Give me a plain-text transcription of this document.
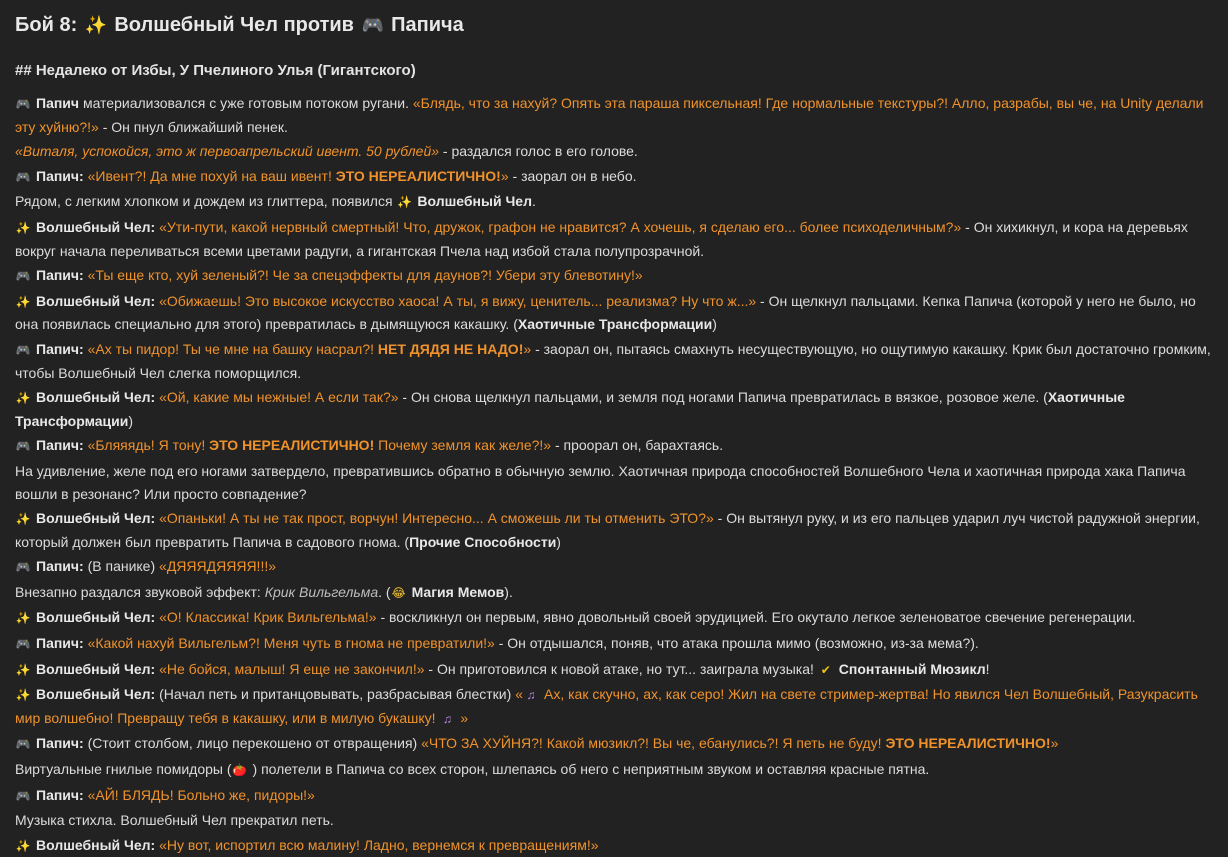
Бой 8: ✨ Волшебный Чел против 🎮 Папича
## Недалеко от Избы, У Пчелиного Улья (Гигантского)

🎮 Папич материализовался с уже готовым потоком ругани. «Блядь, что за нахуй? Опять эта параша пиксельная! Где нормальные текстуры?! Алло, разрабы, вы че, на Unity делали эту хуйню?!» - Он пнул ближайший пенек.

«Виталя, успокойся, это ж первоапрельский ивент. 50 рублей» - раздался голос в его голове.

🎮 Папич: «Ивент?! Да мне похуй на ваш ивент! ЭТО НЕРЕАЛИСТИЧНО!» - заорал он в небо.

Рядом, с легким хлопком и дождем из глиттера, появился ✨ Волшебный Чел.

✨ Волшебный Чел: «Ути-пути, какой нервный смертный! Что, дружок, графон не нравится? А хочешь, я сделаю его... более психоделичным?» - Он хихикнул, и кора на деревьях вокруг начала переливаться всеми цветами радуги, а гигантская Пчела над избой стала полупрозрачной.

🎮 Папич: «Ты еще кто, хуй зеленый?! Че за спецэффекты для даунов?! Убери эту блевотину!»

✨ Волшебный Чел: «Обижаешь! Это высокое искусство хаоса! А ты, я вижу, ценитель... реализма? Ну что ж...» - Он щелкнул пальцами. Кепка Папича (которой у него не было, но она появилась специально для этого) превратилась в дымящуюся какашку. (Хаотичные Трансформации)

🎮 Папич: «Ах ты пидор! Ты че мне на башку насрал?! НЕТ ДЯДЯ НЕ НАДО!» - заорал он, пытаясь смахнуть несуществующую, но ощутимую какашку. Крик был достаточно громким, чтобы Волшебный Чел слегка поморщился.

✨ Волшебный Чел: «Ой, какие мы нежные! А если так?» - Он снова щелкнул пальцами, и земля под ногами Папича превратилась в вязкое, розовое желе. (Хаотичные Трансформации)

🎮 Папич: «Бляяядь! Я тону! ЭТО НЕРЕАЛИСТИЧНО! Почему земля как желе?!» - проорал он, барахтаясь.

На удивление, желе под его ногами затвердело, превратившись обратно в обычную землю. Хаотичная природа способностей Волшебного Чела и хаотичная природа хака Папича вошли в резонанс? Или просто совпадение?

✨ Волшебный Чел: «Опаньки! А ты не так прост, ворчун! Интересно... А сможешь ли ты отменить ЭТО?» - Он вытянул руку, и из его пальцев ударил луч чистой радужной энергии, который должен был превратить Папича в садового гнома. (Прочие Способности)

🎮 Папич: (В панике) «ДЯЯЯДЯЯЯЯ!!!»

Внезапно раздался звуковой эффект: Крик Вильгельма. (😂 Магия Мемов).

✨ Волшебный Чел: «О! Классика! Крик Вильгельма!» - воскликнул он первым, явно довольный своей эрудицией. Его окутало легкое зеленоватое свечение регенерации.

🎮 Папич: «Какой нахуй Вильгельм?! Меня чуть в гнома не превратили!» - Он отдышался, поняв, что атака прошла мимо (возможно, из-за мема?).

✨ Волшебный Чел: «Не бойся, малыш! Я еще не закончил!» - Он приготовился к новой атаке, но тут... заиграла музыка! ✔ Спонтанный Мюзикл!

✨ Волшебный Чел: (Начал петь и пританцовывать, разбрасывая блестки) « ♫ Ах, как скучно, ах, как серо! Жил на свете стример-жертва! Но явился Чел Волшебный, Разукрасить мир волшебно! Превращу тебя в какашку, или в милую букашку! ♫ »

🎮 Папич: (Стоит столбом, лицо перекошено от отвращения) «ЧТО ЗА ХУЙНЯ?! Какой мюзикл?! Вы че, ебанулись?! Я петь не буду! ЭТО НЕРЕАЛИСТИЧНО!»

Виртуальные гнилые помидоры (🍅 ) полетели в Папича со всех сторон, шлепаясь об него с неприятным звуком и оставляя красные пятна.

🎮 Папич: «АЙ! БЛЯДЬ! Больно же, пидоры!»

Музыка стихла. Волшебный Чел прекратил петь.

✨ Волшебный Чел: «Ну вот, испортил всю малину! Ладно, вернемся к превращениям!»
